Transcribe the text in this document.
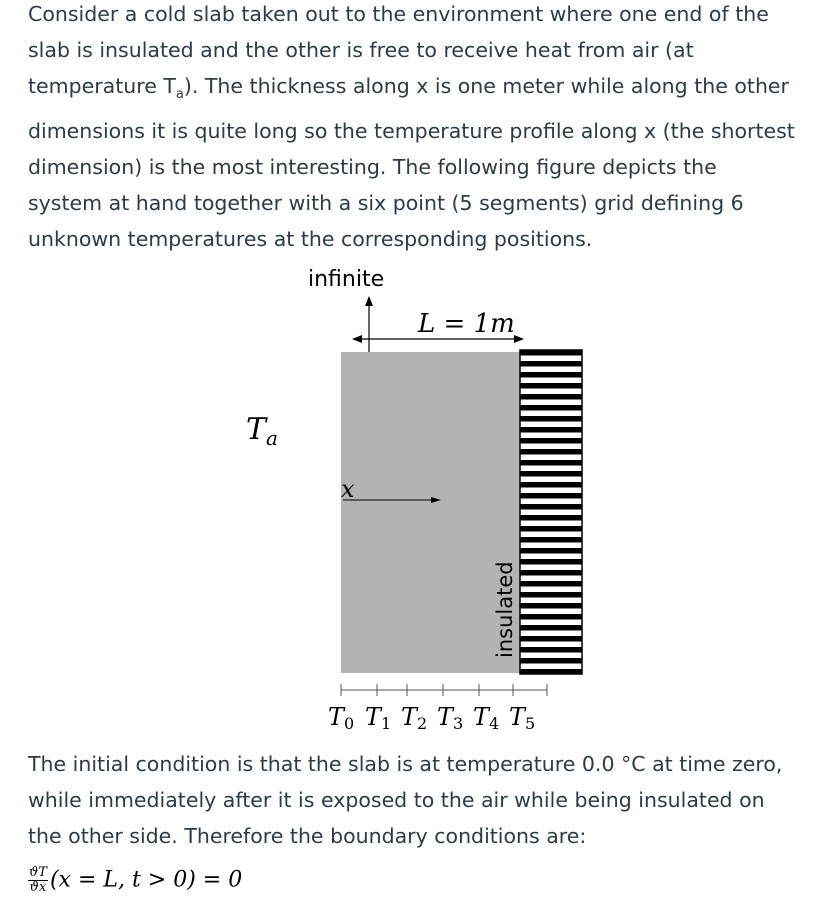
Consider a cold slab taken out to the environment where one end of the
slab is insulated and the other is free to receive heat from air (at
temperature $T_a$). The thickness along x is one meter while along the other
dimensions it is quite long so the temperature profile along x (the shortest
dimension) is the most interesting. The following figure depicts the
system at hand together with a six point (5 segments) grid defining 6
unknown temperatures at the corresponding positions.
infinite
L = 1m
insulated
$T_a$
x
T0 T1 T2 T3 T4 T5
The initial condition is that the slab is at temperature 0.0 °C at time zero,
while immediately after it is exposed to the air while being insulated on
the other side. Therefore the boundary conditions are:
$\frac{ϑT}{ϑx} (x = L$, t > 0) = 0
